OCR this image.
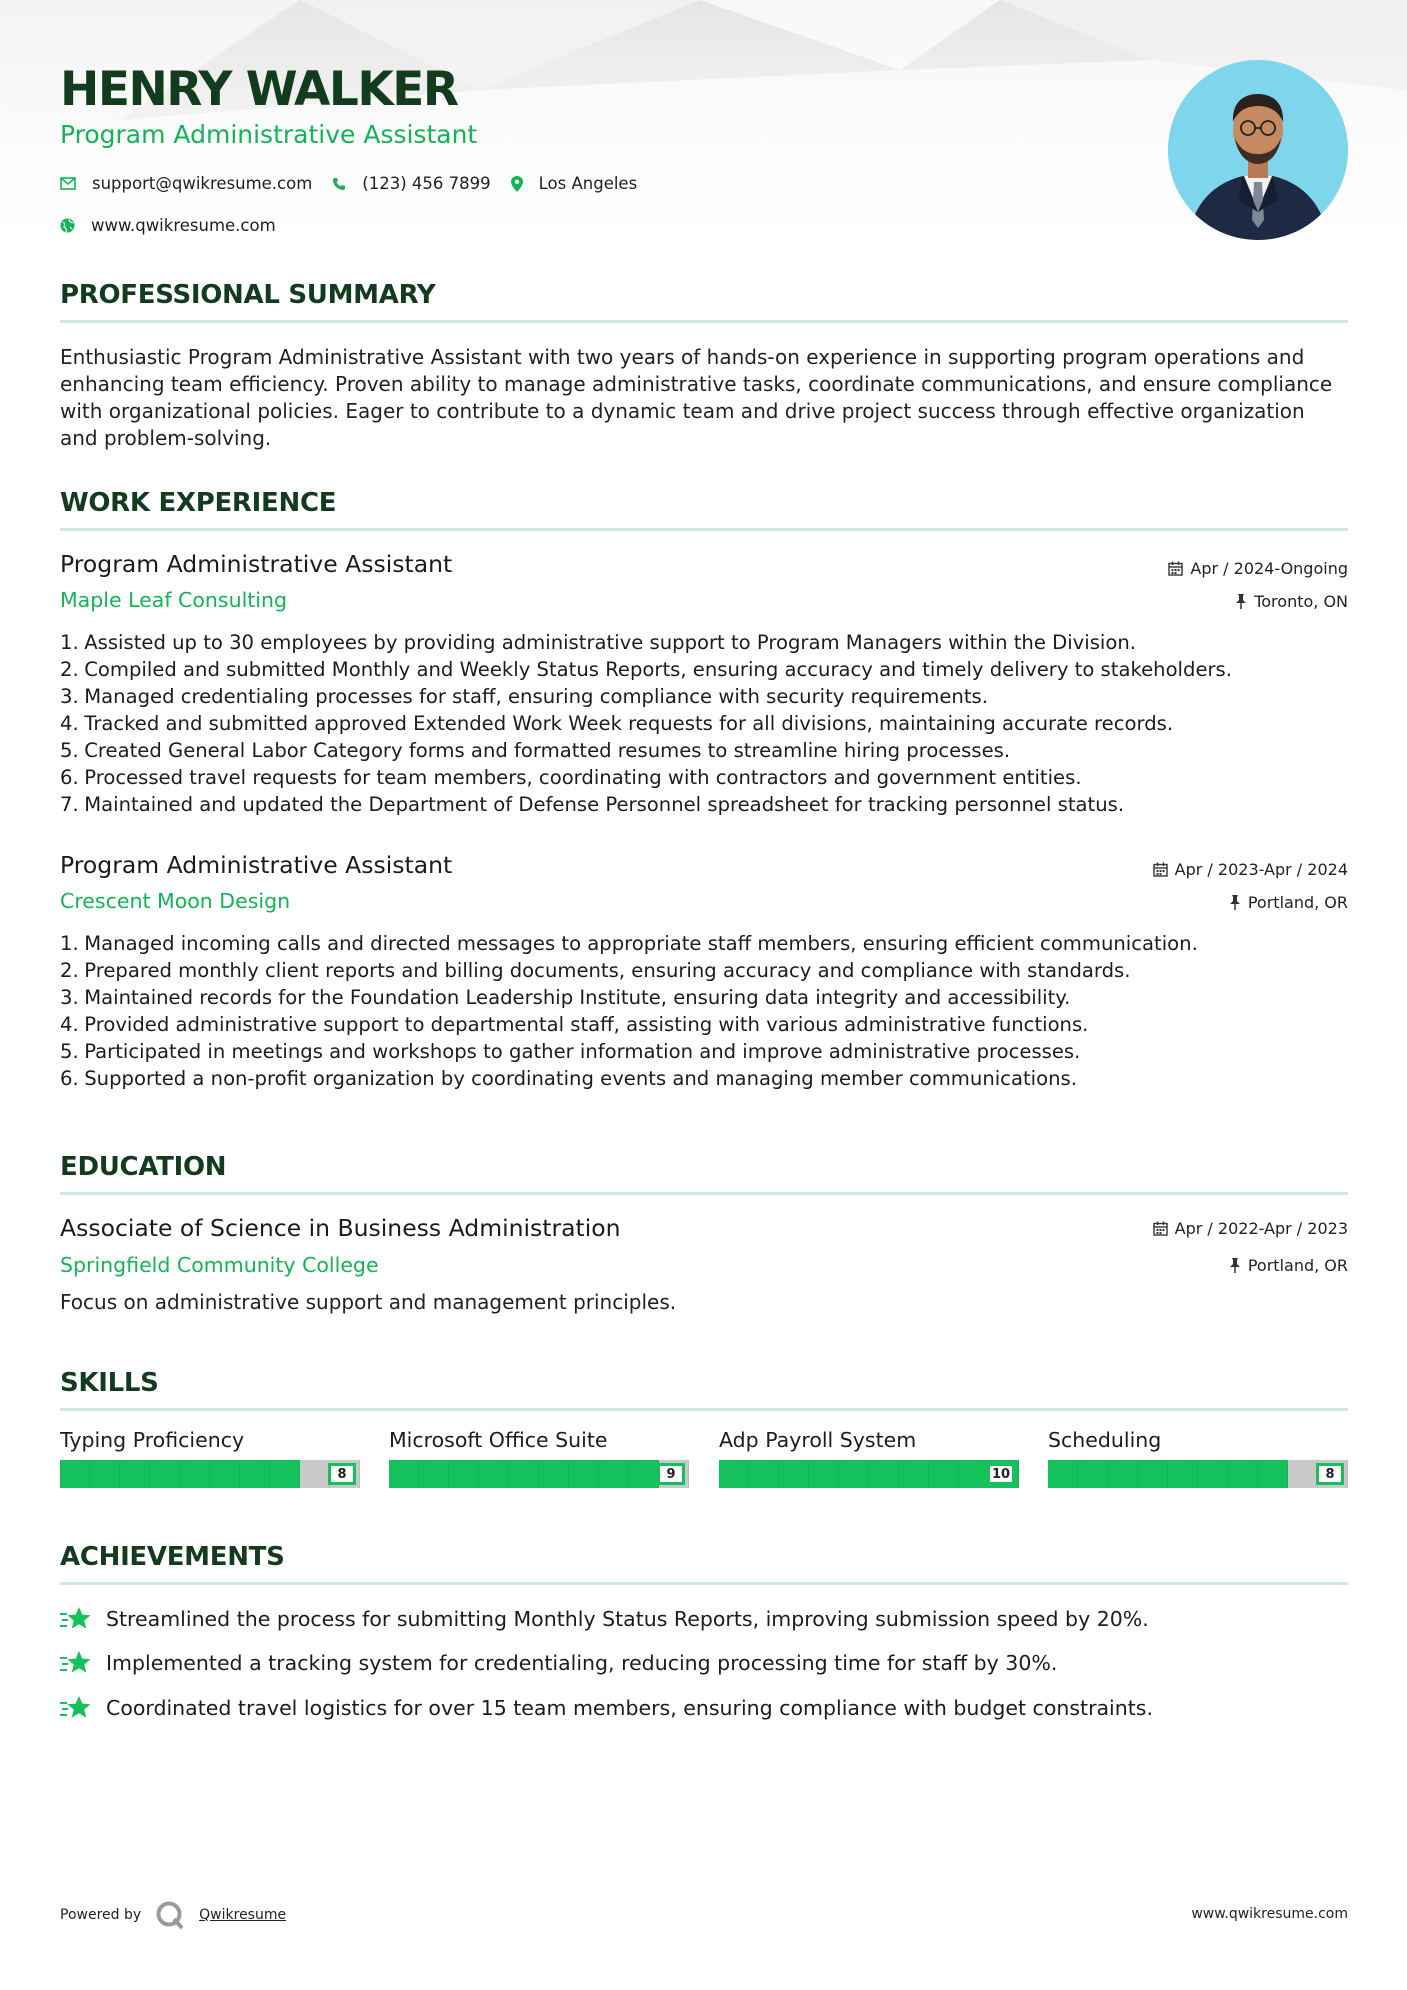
HENRY WALKER
Program Administrative Assistant
support@qwikresume.com	(123) 456 7899	Los Angeles
www.qwikresume.com
PROFESSIONAL SUMMARY
Enthusiastic Program Administrative Assistant with two years of hands-on experience in supporting program operations and enhancing team efficiency. Proven ability to manage administrative tasks, coordinate communications, and ensure compliance with organizational policies. Eager to contribute to a dynamic team and drive project success through effective organization and problem-solving.
WORK EXPERIENCE
Program Administrative Assistant
Maple Leaf Consulting
Apr / 2024-Ongoing
Toronto, ON
1. Assisted up to 30 employees by providing administrative support to Program Managers within the Division.
2. Compiled and submitted Monthly and Weekly Status Reports, ensuring accuracy and timely delivery to stakeholders.
3. Managed credentialing processes for staff, ensuring compliance with security requirements.
4. Tracked and submitted approved Extended Work Week requests for all divisions, maintaining accurate records.
5. Created General Labor Category forms and formatted resumes to streamline hiring processes.
6. Processed travel requests for team members, coordinating with contractors and government entities.
7. Maintained and updated the Department of Defense Personnel spreadsheet for tracking personnel status.
Program Administrative Assistant
Crescent Moon Design
Apr / 2023-Apr / 2024
Portland, OR
1. Managed incoming calls and directed messages to appropriate staff members, ensuring efficient communication.
2. Prepared monthly client reports and billing documents, ensuring accuracy and compliance with standards.
3. Maintained records for the Foundation Leadership Institute, ensuring data integrity and accessibility.
4. Provided administrative support to departmental staff, assisting with various administrative functions.
5. Participated in meetings and workshops to gather information and improve administrative processes.
6. Supported a non-profit organization by coordinating events and managing member communications.
EDUCATION
Associate of Science in Business Administration
Springfield Community College
Apr / 2022-Apr / 2023
Portland, OR
Focus on administrative support and management principles.
SKILLS
Typing Proficiency
8
Microsoft Office Suite
9
Adp Payroll System
10
Scheduling
8
ACHIEVEMENTS
Streamlined the process for submitting Monthly Status Reports, improving submission speed by 20%.
Implemented a tracking system for credentialing, reducing processing time for staff by 30%.
Coordinated travel logistics for over 15 team members, ensuring compliance with budget constraints.
Powered by	Qwikresume	www.qwikresume.com
